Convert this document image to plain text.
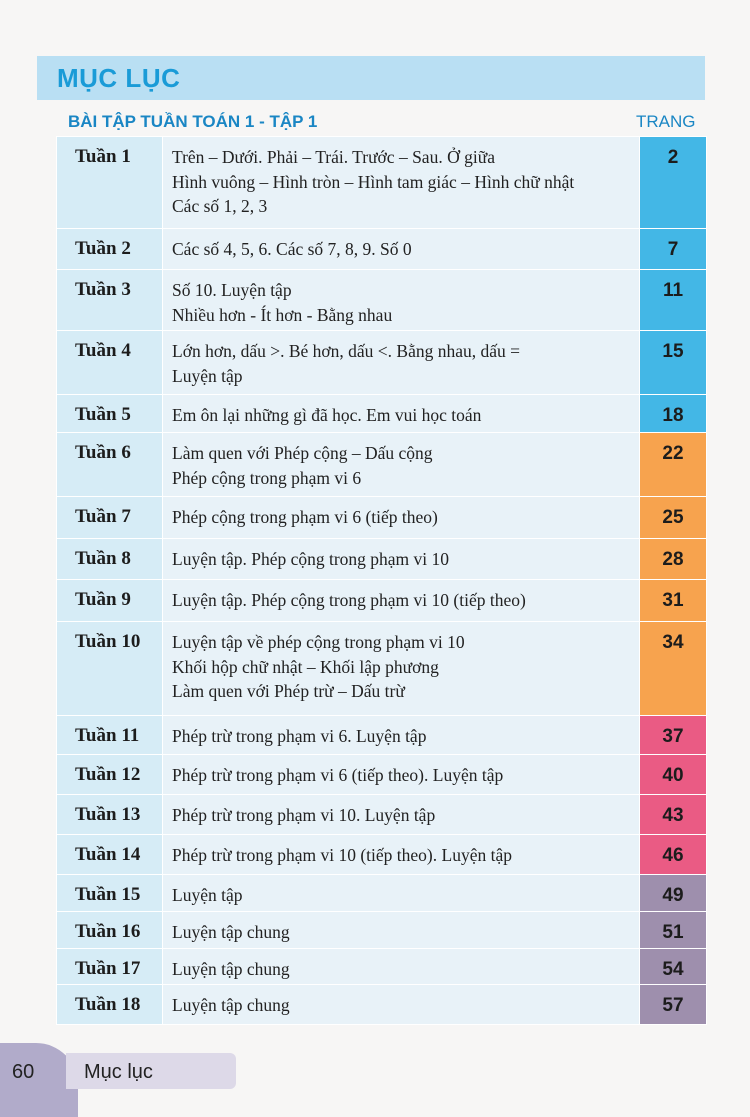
MỤC LỤC
BÀI TẬP TUẦN TOÁN 1 - TẬP 1	TRANG
Tuần 1	Trên – Dưới. Phải – Trái. Trước – Sau. Ở giữa
Hình vuông – Hình tròn – Hình tam giác – Hình chữ nhật
Các số 1, 2, 3	2
Tuần 2	Các số 4, 5, 6. Các số 7, 8, 9. Số 0	7
Tuần 3	Số 10. Luyện tập
Nhiều hơn - Ít hơn - Bằng nhau	11
Tuần 4	Lớn hơn, dấu >. Bé hơn, dấu <. Bằng nhau, dấu =
Luyện tập	15
Tuần 5	Em ôn lại những gì đã học. Em vui học toán	18
Tuần 6	Làm quen với Phép cộng – Dấu cộng
Phép cộng trong phạm vi 6	22
Tuần 7	Phép cộng trong phạm vi 6 (tiếp theo)	25
Tuần 8	Luyện tập. Phép cộng trong phạm vi 10	28
Tuần 9	Luyện tập. Phép cộng trong phạm vi 10 (tiếp theo)	31
Tuần 10	Luyện tập về phép cộng trong phạm vi 10
Khối hộp chữ nhật – Khối lập phương
Làm quen với Phép trừ – Dấu trừ	34
Tuần 11	Phép trừ trong phạm vi 6. Luyện tập	37
Tuần 12	Phép trừ trong phạm vi 6 (tiếp theo). Luyện tập	40
Tuần 13	Phép trừ trong phạm vi 10. Luyện tập	43
Tuần 14	Phép trừ trong phạm vi 10 (tiếp theo). Luyện tập	46
Tuần 15	Luyện tập	49
Tuần 16	Luyện tập chung	51
Tuần 17	Luyện tập chung	54
Tuần 18	Luyện tập chung	57
60 Mục lục
